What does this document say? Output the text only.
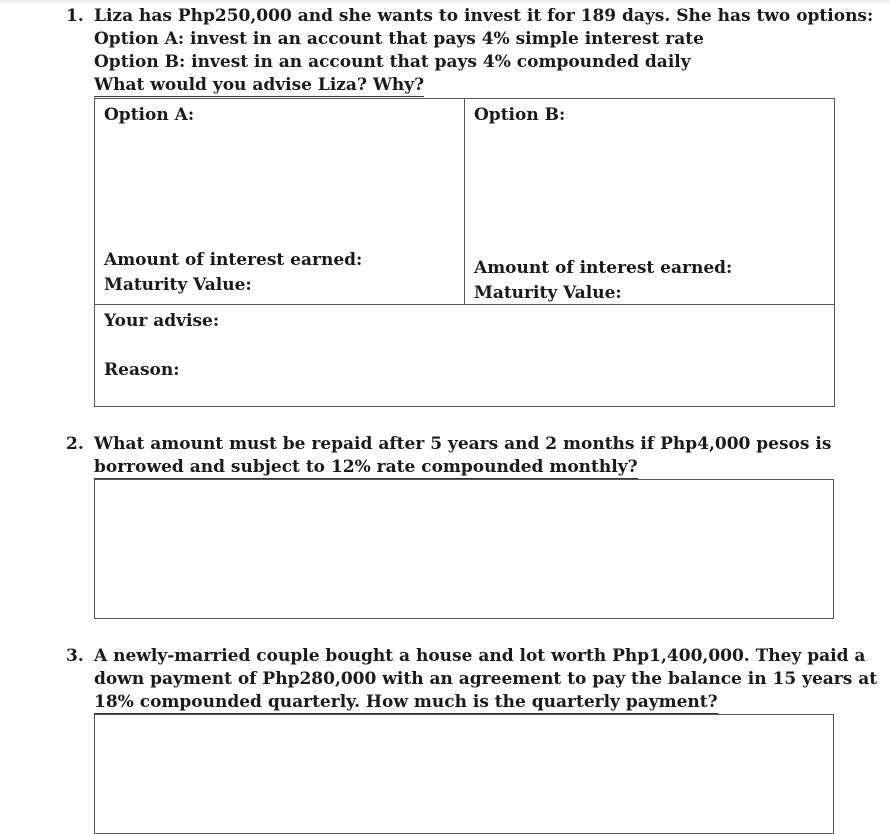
1. Liza has Php250,000 and she wants to invest it for 189 days. She has two options:
Option A: invest in an account that pays 4% simple interest rate
Option B: invest in an account that pays 4% compounded daily
What would you advise Liza? Why?
Option A:
Amount of interest earned:
Maturity Value:
Option B:
Amount of interest earned:
Maturity Value:
Your advise:
Reason:
2. What amount must be repaid after 5 years and 2 months if Php4,000 pesos is
borrowed and subject to 12% rate compounded monthly?
3. A newly-married couple bought a house and lot worth Php1,400,000. They paid a
down payment of Php280,000 with an agreement to pay the balance in 15 years at
18% compounded quarterly. How much is the quarterly payment?
